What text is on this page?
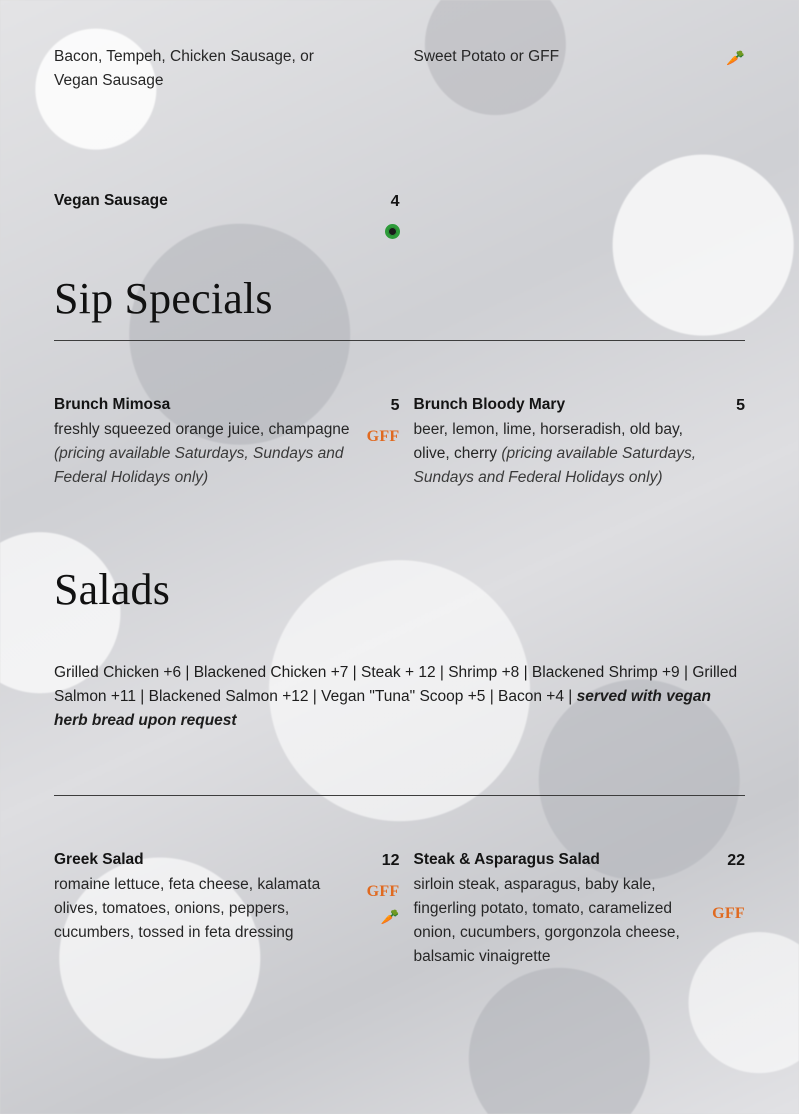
Bacon, Tempeh, Chicken Sausage, or Vegan Sausage
Sweet Potato or GFF	🥕
Vegan Sausage	4
Sip Specials
Brunch Mimosa
freshly squeezed orange juice, champagne (pricing available Saturdays, Sundays and Federal Holidays only)
5
GFF
Brunch Bloody Mary
beer, lemon, lime, horseradish, old bay, olive, cherry (pricing available Saturdays, Sundays and Federal Holidays only)
5
Salads
Grilled Chicken +6 | Blackened Chicken +7 | Steak + 12 | Shrimp +8 | Blackened Shrimp +9 | Grilled Salmon +11 | Blackened Salmon +12 | Vegan "Tuna" Scoop +5 | Bacon +4 | served with vegan herb bread upon request
Greek Salad
romaine lettuce, feta cheese, kalamata olives, tomatoes, onions, peppers, cucumbers, tossed in feta dressing
12
GFF
🥕
Steak & Asparagus Salad
sirloin steak, asparagus, baby kale, fingerling potato, tomato, caramelized onion, cucumbers, gorgonzola cheese, balsamic vinaigrette
22
GFF
